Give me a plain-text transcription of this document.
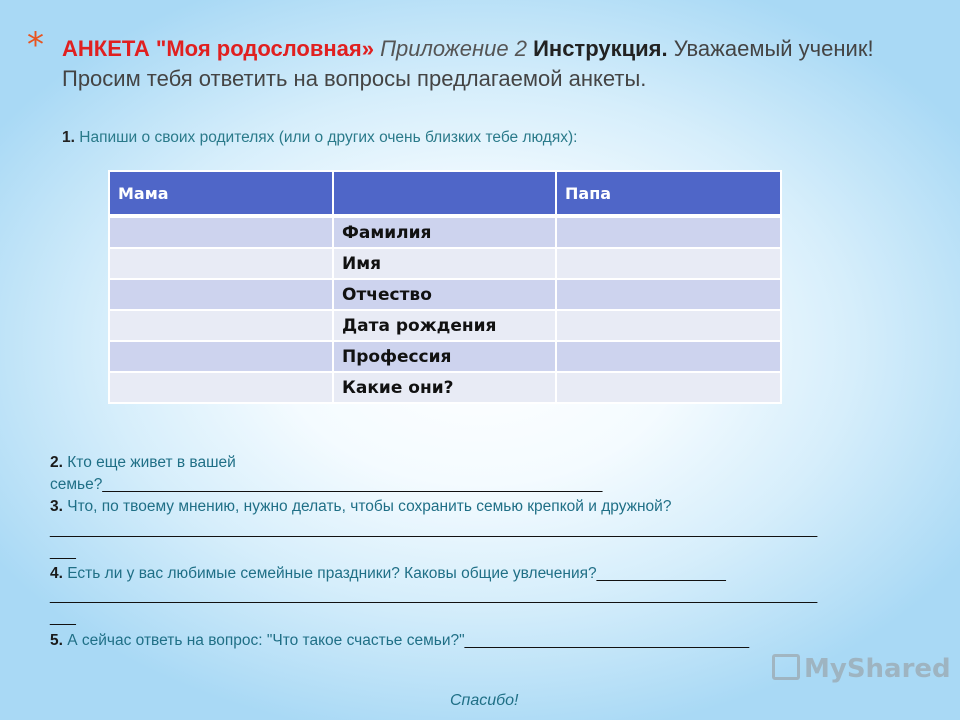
* АНКЕТА "Моя родословная» Приложение 2 Инструкция. Уважаемый ученик! Просим тебя ответить на вопросы предлагаемой анкеты.
1. Напиши о своих родителях (или о других очень близких тебе людях):
Мама		Папа
	Фамилия	
	Имя	
	Отчество	
	Дата рождения	
	Профессия	
	Какие они?	

2. Кто еще живет в вашей

семье?__________________________________________________________

3. Что, по твоему мнению, нужно делать, чтобы сохранить семью крепкой и дружной?

_________________________________________________________________________________________

___

4. Есть ли у вас любимые семейные праздники? Каковы общие увлечения?_______________

_________________________________________________________________________________________

___

5. А сейчас ответь на вопрос: "Что такое счастье семьи?"_________________________________

MyShared
Спасибо!
